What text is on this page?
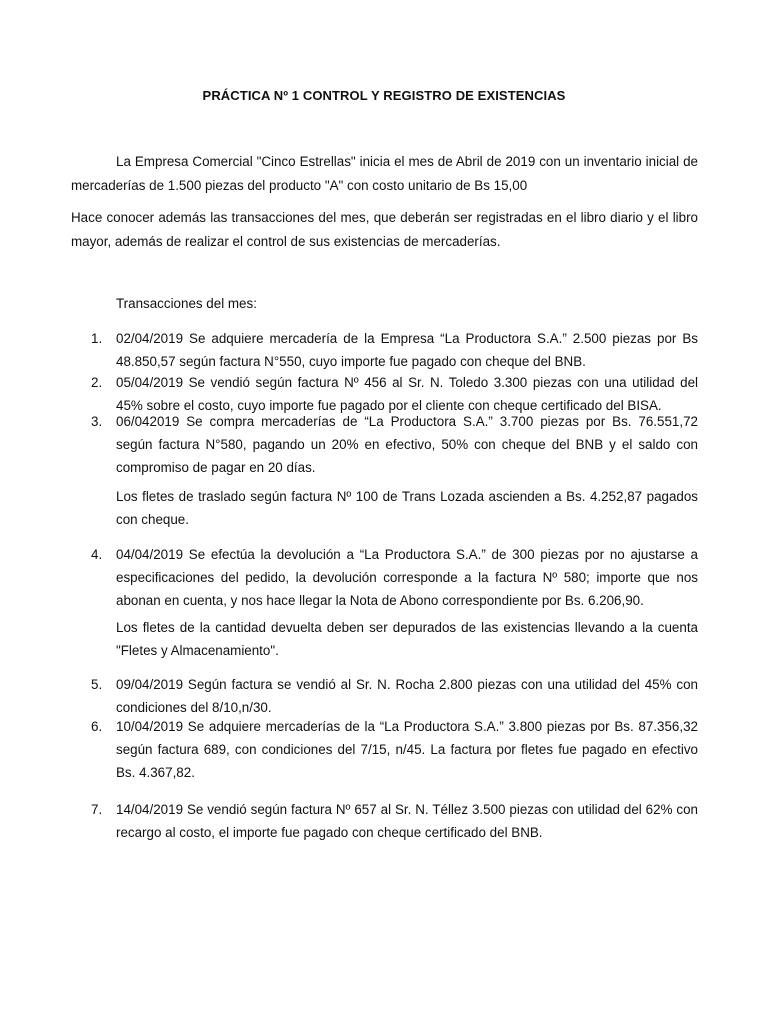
PRÁCTICA Nº 1 CONTROL Y REGISTRO DE EXISTENCIAS

La Empresa Comercial "Cinco Estrellas" inicia el mes de Abril de 2019 con un inventario inicial de mercaderías de 1.500 piezas del producto "A" con costo unitario de Bs 15,00

Hace conocer además las transacciones del mes, que deberán ser registradas en el libro diario y el libro mayor, además de realizar el control de sus existencias de mercaderías.

Transacciones del mes:
1.	02/04/2019 Se adquiere mercadería de la Empresa “La Productora S.A.” 2.500 piezas por Bs 48.850,57 según factura N°550, cuyo importe fue pagado con cheque del BNB.
2.	05/04/2019 Se vendió según factura Nº 456 al Sr. N. Toledo 3.300 piezas con una utilidad del 45% sobre el costo, cuyo importe fue pagado por el cliente con cheque certificado del BISA.
3.	06/042019 Se compra mercaderías de “La Productora S.A.” 3.700 piezas por Bs. 76.551,72 según factura N°580, pagando un 20% en efectivo, 50% con cheque del BNB y el saldo con compromiso de pagar en 20 días.
4.	04/04/2019 Se efectúa la devolución a “La Productora S.A.” de 300 piezas por no ajustarse a especificaciones del pedido, la devolución corresponde a la factura Nº 580; importe que nos abonan en cuenta, y nos hace llegar la Nota de Abono correspondiente por Bs. 6.206,90.
5.	09/04/2019 Según factura se vendió al Sr. N. Rocha 2.800 piezas con una utilidad del 45% con condiciones del 8/10,n/30.
6.	10/04/2019 Se adquiere mercaderías de la “La Productora S.A.” 3.800 piezas por Bs. 87.356,32 según factura 689, con condiciones del 7/15, n/45. La factura por fletes fue pagado en efectivo Bs. 4.367,82.
7.	14/04/2019 Se vendió según factura Nº 657 al Sr. N. Téllez 3.500 piezas con utilidad del 62% con recargo al costo, el importe fue pagado con cheque certificado del BNB.

Los fletes de traslado según factura Nº 100 de Trans Lozada ascienden a Bs. 4.252,87 pagados con cheque.

Los fletes de la cantidad devuelta deben ser depurados de las existencias llevando a la cuenta "Fletes y Almacenamiento".
